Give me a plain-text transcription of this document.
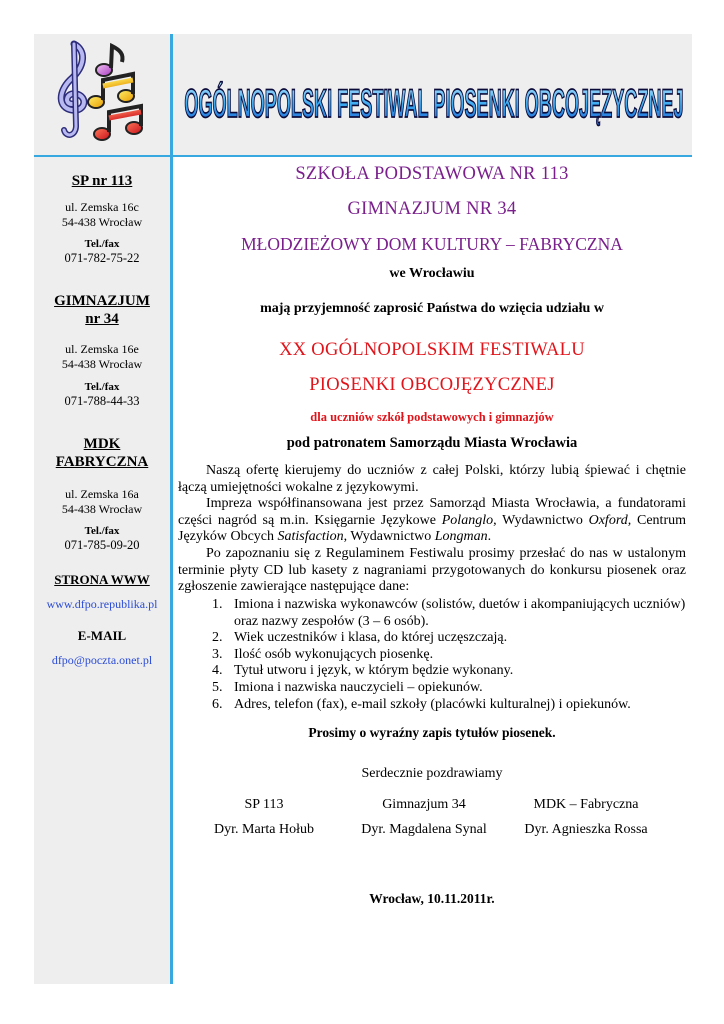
OGÓLNOPOLSKI FESTIWAL PIOSENKI OBCOJĘZYCZNEJ
SP nr 113
ul. Zemska 16c
54-438 Wrocław
Tel./fax
071-782-75-22
GIMNAZJUM
nr 34
ul. Zemska 16e
54-438 Wrocław
Tel./fax
071-788-44-33
MDK
FABRYCZNA
ul. Zemska 16a
54-438 Wrocław
Tel./fax
071-785-09-20
STRONA WWW
www.dfpo.republika.pl
E-MAIL
dfpo@poczta.onet.pl
SZKOŁA PODSTAWOWA NR 113
GIMNAZJUM NR 34
MŁODZIEŻOWY DOM KULTURY – FABRYCZNA
we Wrocławiu
mają przyjemność zaprosić Państwa do wzięcia udziału w
XX OGÓLNOPOLSKIM FESTIWALU
PIOSENKI OBCOJĘZYCZNEJ
dla uczniów szkół podstawowych i gimnazjów
pod patronatem Samorządu Miasta Wrocławia
Naszą ofertę kierujemy do uczniów z całej Polski, którzy lubią śpiewać i chętnie łączą umiejętności wokalne z językowymi.
Impreza współfinansowana jest przez Samorząd Miasta Wrocławia, a fundatorami części nagród są m.in. Księgarnie Językowe Polanglo, Wydawnictwo Oxford, Centrum Języków Obcych Satisfaction, Wydawnictwo Longman.
Po zapoznaniu się z Regulaminem Festiwalu prosimy przesłać do nas w ustalonym terminie płyty CD lub kasety z nagraniami przygotowanych do konkursu piosenek oraz zgłoszenie zawierające następujące dane:
1. Imiona i nazwiska wykonawców (solistów, duetów i akompaniujących uczniów) oraz nazwy zespołów (3 – 6 osób).
2. Wiek uczestników i klasa, do której uczęszczają.
3. Ilość osób wykonujących piosenkę.
4. Tytuł utworu i język, w którym będzie wykonany.
5. Imiona i nazwiska nauczycieli – opiekunów.
6. Adres, telefon (fax), e-mail szkoły (placówki kulturalnej) i opiekunów.
Prosimy o wyraźny zapis tytułów piosenek.
Serdecznie pozdrawiamy
SP 113	Gimnazjum 34	MDK – Fabryczna
Dyr. Marta Hołub	Dyr. Magdalena Synal	Dyr. Agnieszka Rossa
Wrocław, 10.11.2011r.
